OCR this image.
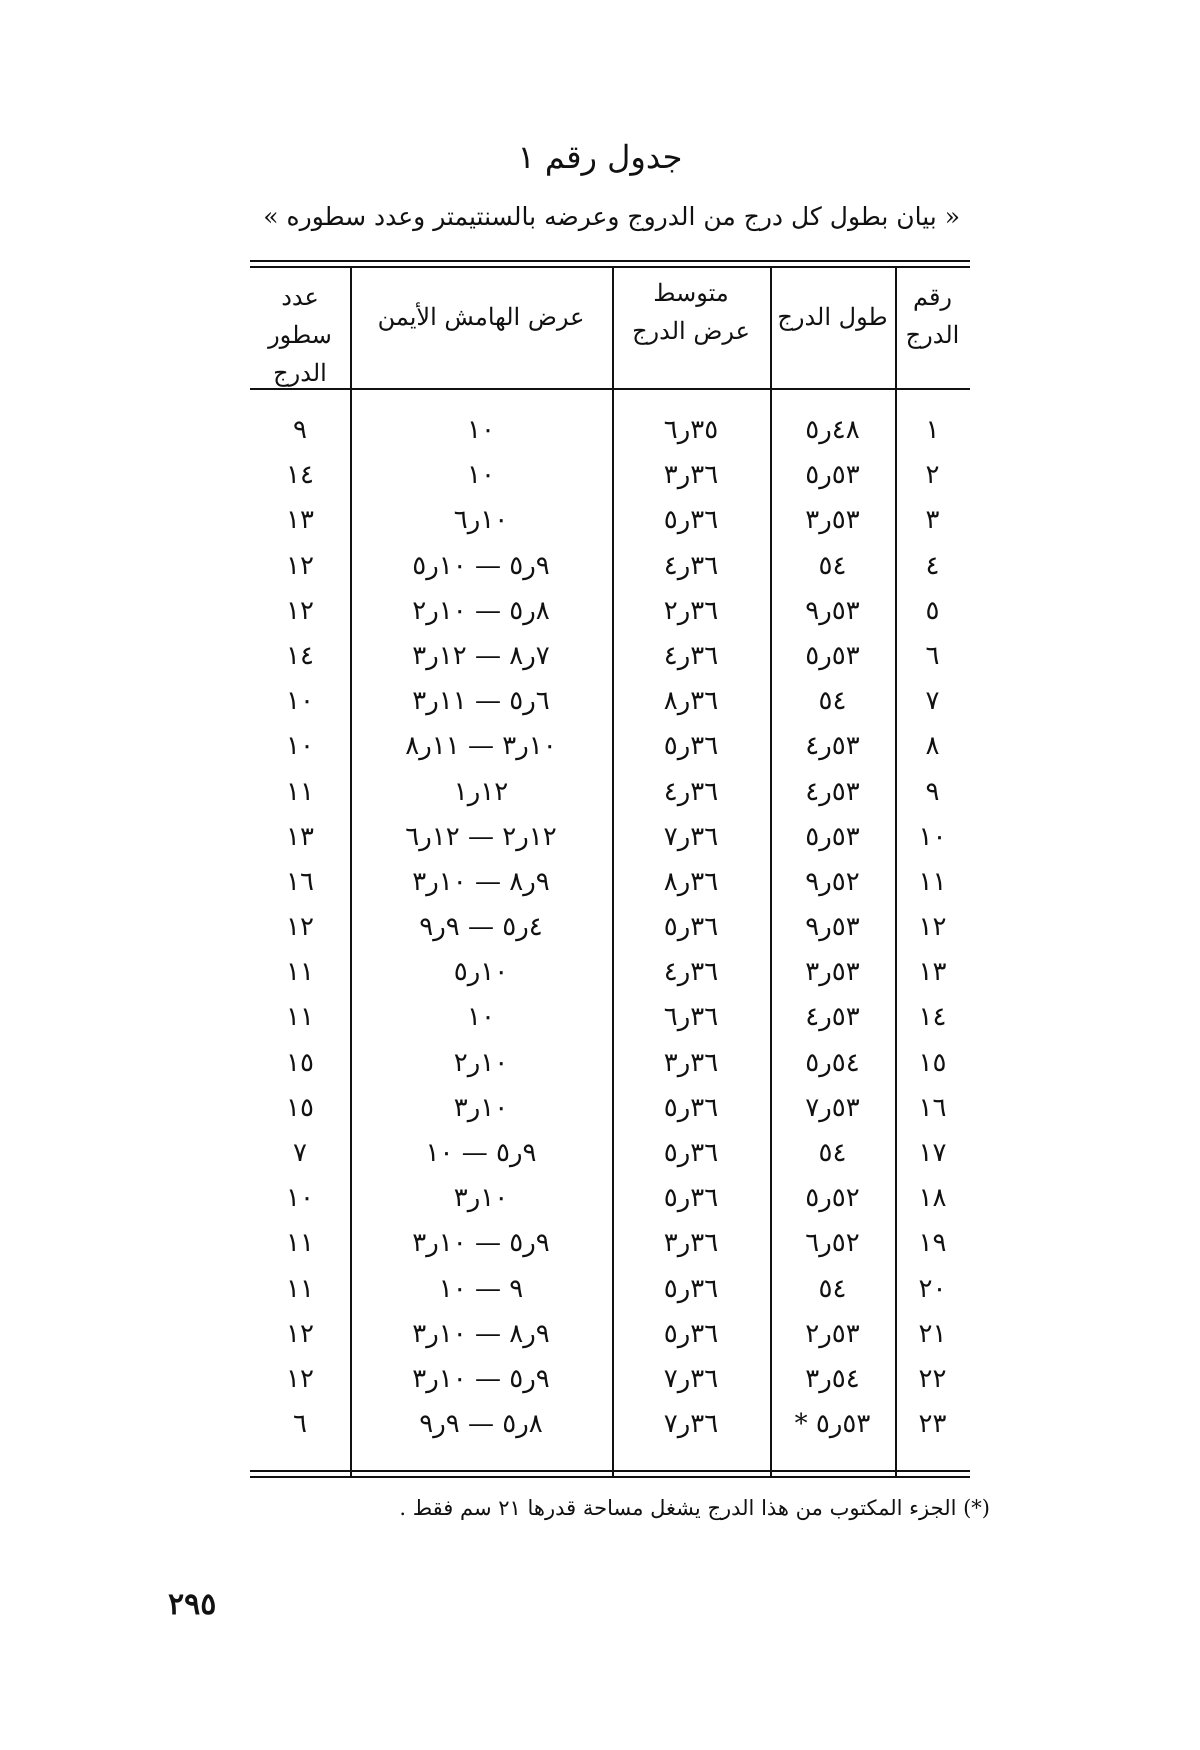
جدول رقم ١
« بيان بطول كل درج من الدروج وعرضه بالسنتيمتر وعدد سطوره »
رقم
الدرج
طول الدرج
متوسط
عرض الدرج
عرض الهامش الأيمن
عدد سطور
الدرج
١
٤٨ر٥
٣٥ر٦
١٠
٩
٢
٥٣ر٥
٣٦ر٣
١٠
١٤
٣
٥٣ر٣
٣٦ر٥
١٠ر٦
١٣
٤
٥٤
٣٦ر٤
٩ر٥ — ١٠ر٥
١٢
٥
٥٣ر٩
٣٦ر٢
٨ر٥ — ١٠ر٢
١٢
٦
٥٣ر٥
٣٦ر٤
٧ر٨ — ١٢ر٣
١٤
٧
٥٤
٣٦ر٨
٦ر٥ — ١١ر٣
١٠
٨
٥٣ر٤
٣٦ر٥
١٠ر٣ — ١١ر٨
١٠
٩
٥٣ر٤
٣٦ر٤
١٢ر١
١١
١٠
٥٣ر٥
٣٦ر٧
١٢ر٢ — ١٢ر٦
١٣
١١
٥٢ر٩
٣٦ر٨
٩ر٨ — ١٠ر٣
١٦
١٢
٥٣ر٩
٣٦ر٥
٤ر٥ — ٩ر٩
١٢
١٣
٥٣ر٣
٣٦ر٤
١٠ر٥
١١
١٤
٥٣ر٤
٣٦ر٦
١٠
١١
١٥
٥٤ر٥
٣٦ر٣
١٠ر٢
١٥
١٦
٥٣ر٧
٣٦ر٥
١٠ر٣
١٥
١٧
٥٤
٣٦ر٥
٩ر٥ — ١٠
٧
١٨
٥٢ر٥
٣٦ر٥
١٠ر٣
١٠
١٩
٥٢ر٦
٣٦ر٣
٩ر٥ — ١٠ر٣
١١
٢٠
٥٤
٣٦ر٥
٩ — ١٠
١١
٢١
٥٣ر٢
٣٦ر٥
٩ر٨ — ١٠ر٣
١٢
٢٢
٥٤ر٣
٣٦ر٧
٩ر٥ — ١٠ر٣
١٢
٢٣
٥٣ر٥ *
٣٦ر٧
٨ر٥ — ٩ر٩
٦
(*) الجزء المكتوب من هذا الدرج يشغل مساحة قدرها ٢١ سم فقط .
٢٩٥
